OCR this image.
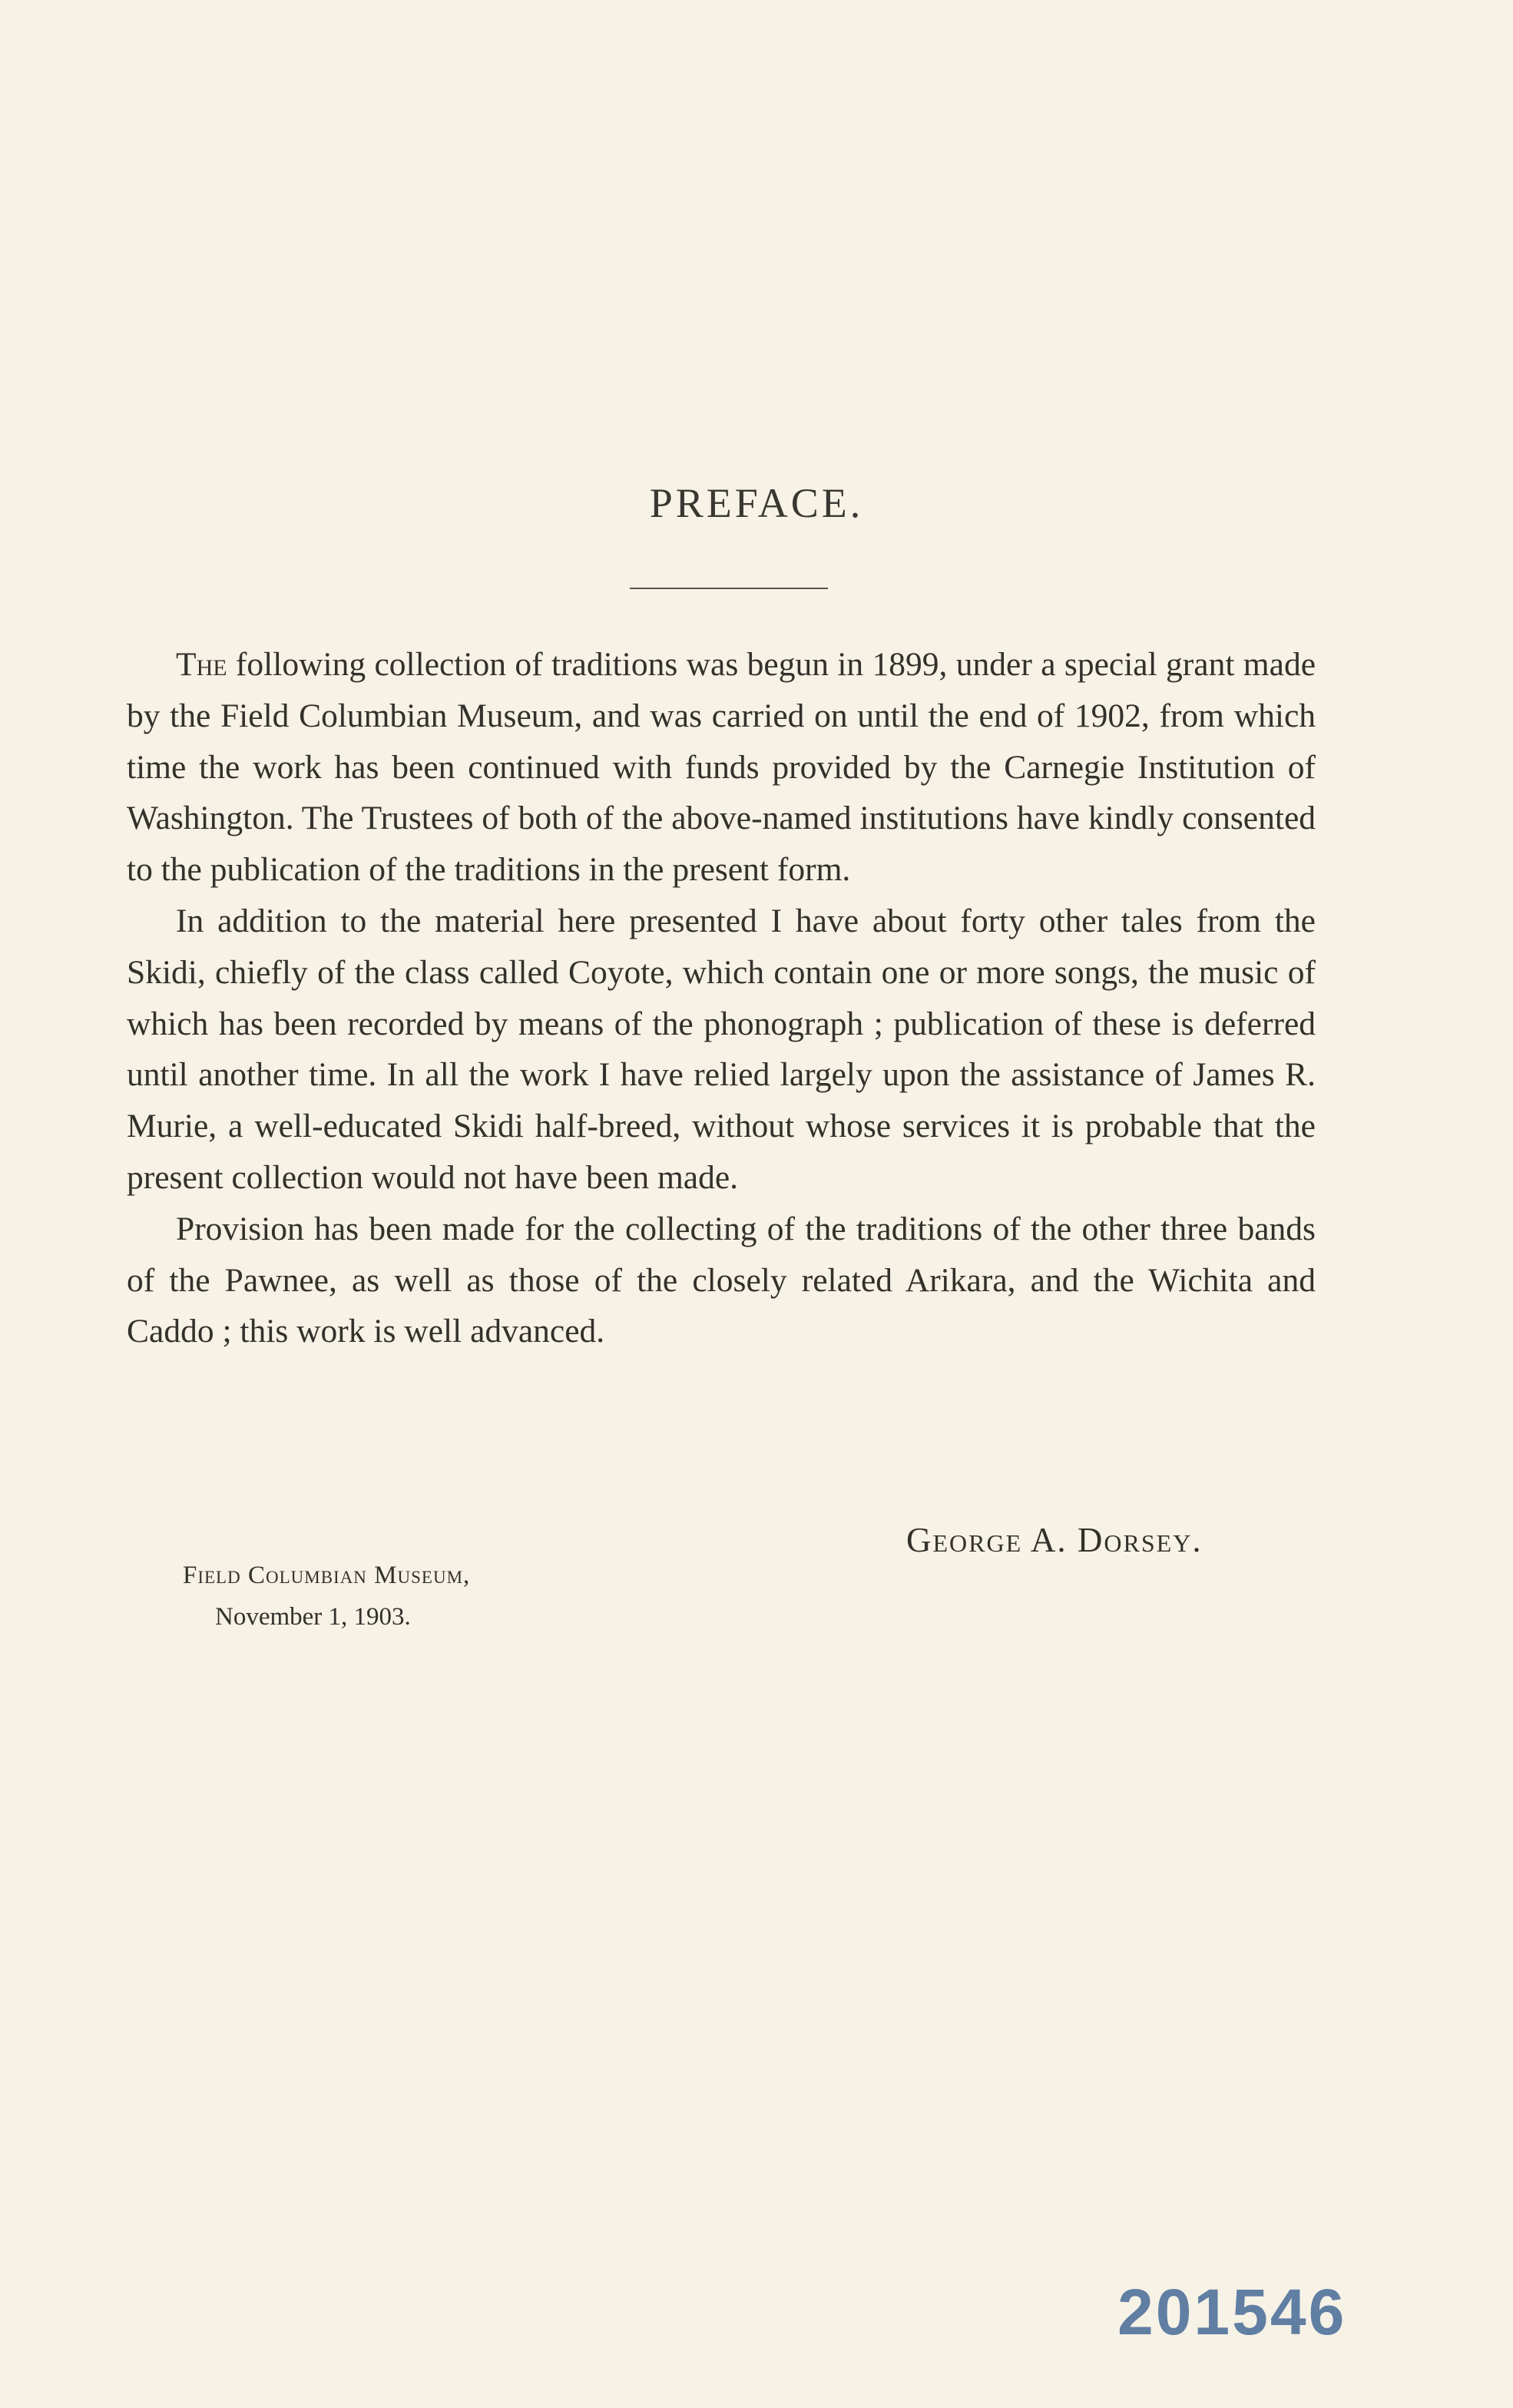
PREFACE.

The following collection of traditions was begun in 1899, under a special grant made by the Field Columbian Museum, and was carried on until the end of 1902, from which time the work has been continued with funds provided by the Carnegie Institution of Washington. The Trustees of both of the above-named institutions have kindly consented to the publication of the traditions in the present form.

In addition to the material here presented I have about forty other tales from the Skidi, chiefly of the class called Coyote, which contain one or more songs, the music of which has been recorded by means of the phonograph ; publication of these is deferred until another time. In all the work I have relied largely upon the assistance of James R. Murie, a well-educated Skidi half-breed, without whose services it is probable that the present collection would not have been made.

Provision has been made for the collecting of the traditions of the other three bands of the Pawnee, as well as those of the closely related Arikara, and the Wichita and Caddo ; this work is well advanced.

George A. Dorsey.
Field Columbian Museum,
November 1, 1903.
201546
